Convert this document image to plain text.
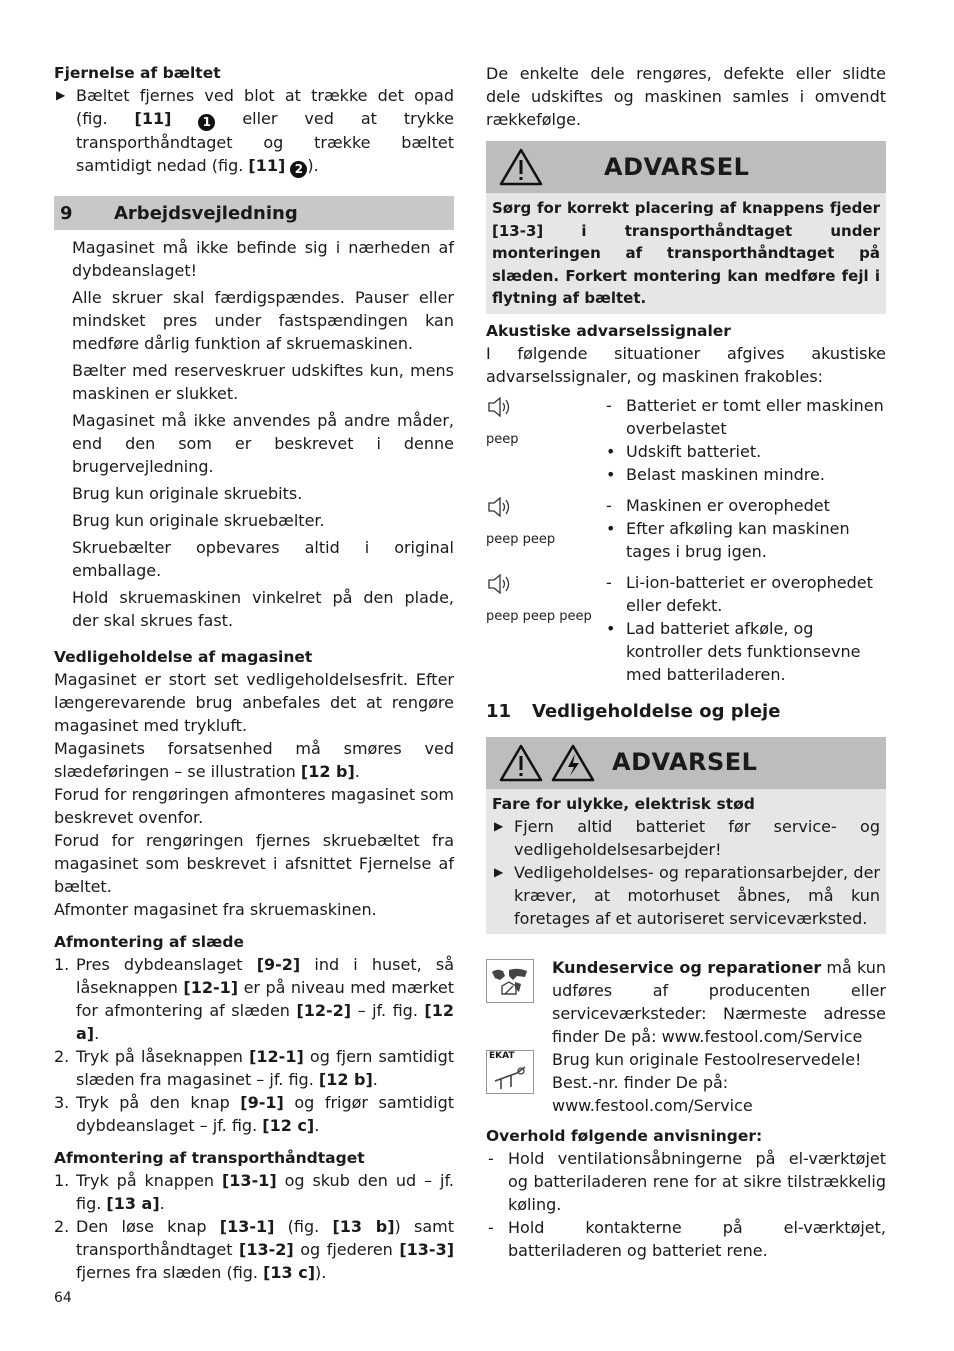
Fjernelse af bæltet

▶ Bæltet fjernes ved blot at trække det opad (fig. [11]	1 eller ved at trykke transporthåndtaget og trække bæltet samtidigt nedad (fig. [11] 2 ).

9	Arbejdsvejledning

Magasinet må ikke befinde sig i nærheden af dybdeanslaget!

Alle skruer skal færdigspændes. Pauser eller mindsket pres under fastspændingen kan medføre dårlig funktion af skruemaskinen.

Bælter med reserveskruer udskiftes kun, mens maskinen er slukket.

Magasinet må ikke anvendes på andre måder, end den som er beskrevet i denne brugervejledning.

Brug kun originale skruebits.

Brug kun originale skruebælter.

Skruebælter opbevares altid i original emballage.

Hold skruemaskinen vinkelret på den plade, der skal skrues fast.

Vedligeholdelse af magasinet

Magasinet er stort set vedligeholdelsesfrit. Efter længerevarende brug anbefales det at rengøre magasinet med trykluft.

Magasinets forsatsenhed må smøres ved slædeføringen – se illustration [12 b].

Forud for rengøringen afmonteres magasinet som beskrevet ovenfor.

Forud for rengøringen fjernes skruebæltet fra magasinet som beskrevet i afsnittet Fjernelse af bæltet.

Afmonter magasinet fra skruemaskinen.

Afmontering af slæde

1. Pres dybdeanslaget [9-2] ind i huset, så låseknappen [12-1] er på niveau med mærket for afmontering af slæden [12-2] – jf. fig. [12 a].

2. Tryk på låseknappen [12-1] og fjern samtidigt slæden fra magasinet – jf. fig. [12 b].

3. Tryk på den knap [9-1] og frigør samtidigt dybdeanslaget – jf. fig. [12 c].

Afmontering af transporthåndtaget

1. Tryk på knappen [13-1] og skub den ud – jf. fig. [13 a].

2. Den løse knap [13-1] (fig. [13 b]) samt transporthåndtaget [13-2] og fjederen [13-3] fjernes fra slæden (fig. [13 c]).

De enkelte dele rengøres, defekte eller slidte dele udskiftes og maskinen samles i omvendt rækkefølge.

ADVARSEL

Sørg for korrekt placering af knappens fjeder [13-3] i transporthåndtaget under monteringen af transporthåndtaget på slæden. Forkert montering kan medføre fejl i flytning af bæltet.

Akustiske advarselssignaler

I følgende situationer afgives akustiske advarselssignaler, og maskinen frakobles:

peep

- Batteriet er tomt eller maskinen overbelastet

• Udskift batteriet.

• Belast maskinen mindre.

peep peep

- Maskinen er overophedet

• Efter afkøling kan maskinen tages i brug igen.

peep peep peep

- Li-ion-batteriet er overophedet eller defekt.

• Lad batteriet afkøle, og kontroller dets funktionsevne med batteriladeren.

11	Vedligeholdelse og pleje
ADVARSEL

Fare for ulykke, elektrisk stød

▶ Fjern altid batteriet før service- og vedligeholdelsesarbejder!

▶ Vedligeholdelses- og reparationsarbejder, der kræver, at motorhuset åbnes, må kun foretages af et autoriseret serviceværksted.

Kundeservice og reparationer må kun udføres af producenten eller serviceværksteder: Nærmeste adresse finder De på: www.festool.com/Service

EKAT Brug kun originale Festoolreservedele! Best.-nr. finder De på: www.festool.com/Service

Overhold følgende anvisninger:

- Hold ventilationsåbningerne på el-værktøjet og batteriladeren rene for at sikre tilstrækkelig køling.

- Hold kontakterne på el-værktøjet, batteriladeren og batteriet rene.

64
